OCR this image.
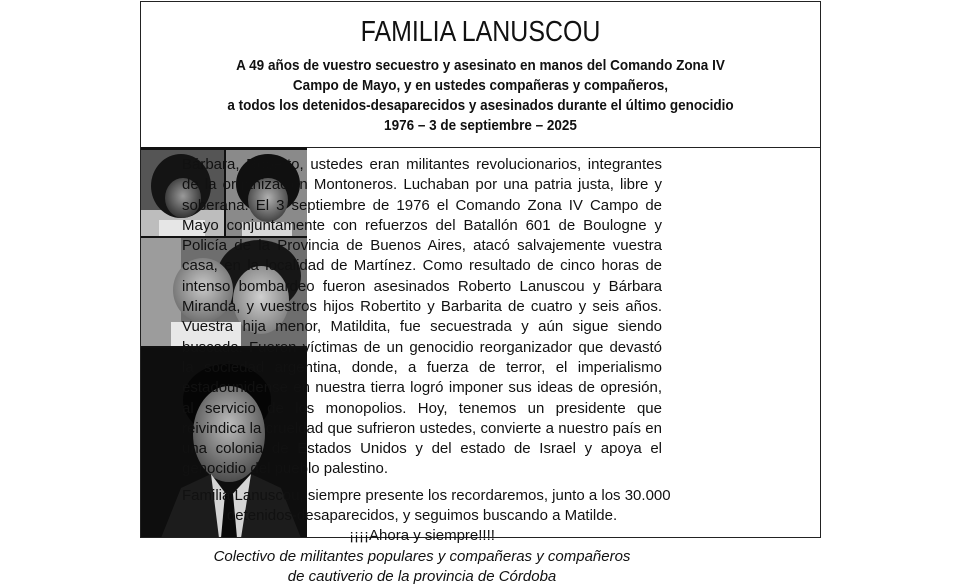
FAMILIA LANUSCOU
A 49 años de vuestro secuestro y asesinato en manos del Comando Zona IV
Campo de Mayo, y en ustedes compañeras y compañeros,
a todos los detenidos-desaparecidos y asesinados durante el último genocidio
1976 – 3 de septiembre – 2025
Bárbara, Roberto, ustedes eran militantes revolucionarios, integrantes de la organización Montoneros. Luchaban por una patria justa, libre y soberana. El 3 septiembre de 1976 el Comando Zona IV Campo de Mayo conjuntamente con refuerzos del Batallón 601 de Boulogne y Policía de la Provincia de Buenos Aires, atacó salvajemente vuestra casa, en la localidad de Martínez. Como resultado de cinco horas de intenso bombardeo fueron asesinados Roberto Lanuscou y Bárbara Miranda, y vuestros hijos Robertito y Barbarita de cuatro y seis años. Vuestra hija menor, Matildita, fue secuestrada y aún sigue siendo buscada. Fueron víctimas de un genocidio reorganizador que devastó la sociedad argentina, donde, a fuerza de terror, el imperialismo estadounidense en nuestra tierra logró imponer sus ideas de opresión, al servicio de los monopolios. Hoy, tenemos un presidente que reivindica la crueldad que sufrieron ustedes, convierte a nuestro país en una colonia de Estados Unidos y del estado de Israel y apoya el genocidio del pueblo palestino.
Familia Lanuscou, siempre presente los recordaremos, junto a los 30.000
detenidos-desaparecidos, y seguimos buscando a Matilde.
¡¡¡¡Ahora y siempre!!!!
Colectivo de militantes populares y compañeras y compañeros
de cautiverio de la provincia de Córdoba
